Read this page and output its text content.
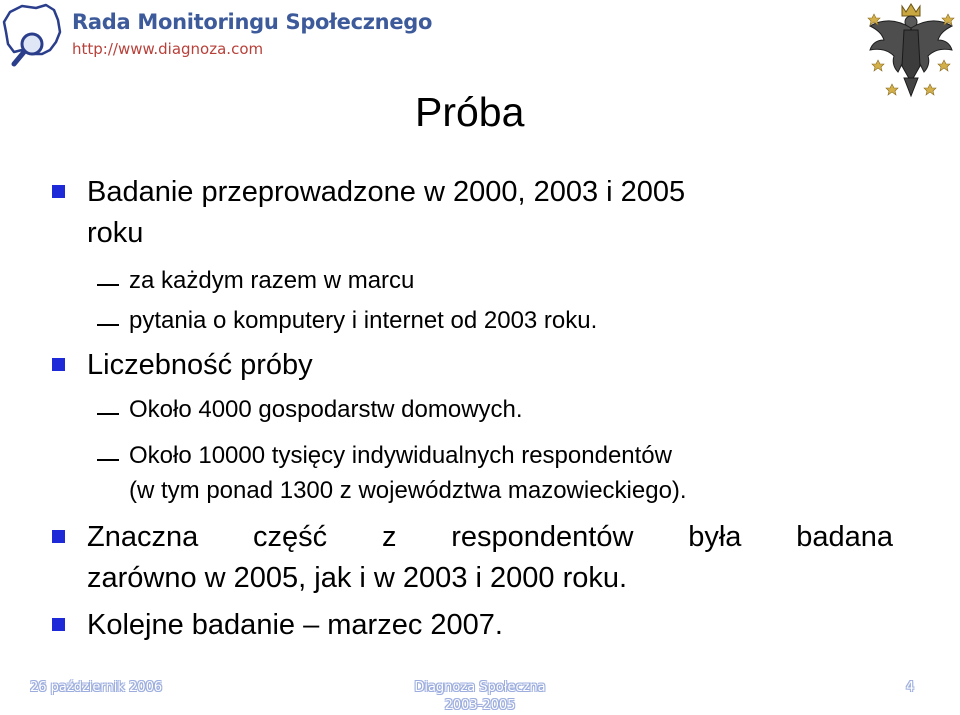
Rada Monitoringu Społecznego
http://www.diagnoza.com
Próba
Badanie przeprowadzone w 2000, 2003 i 2005
roku
za każdym razem w marcu
pytania o komputery i internet od 2003 roku.
Liczebność próby
Około 4000 gospodarstw domowych.
Około 10000 tysięcy indywidualnych respondentów
(w tym ponad 1300 z województwa mazowieckiego).
Znaczna część z respondentów była badana
zarówno w 2005, jak i w 2003 i 2000 roku.
Kolejne badanie – marzec 2007.
26 październik 2006	Diagnoza Społeczna
2003-2005
4
